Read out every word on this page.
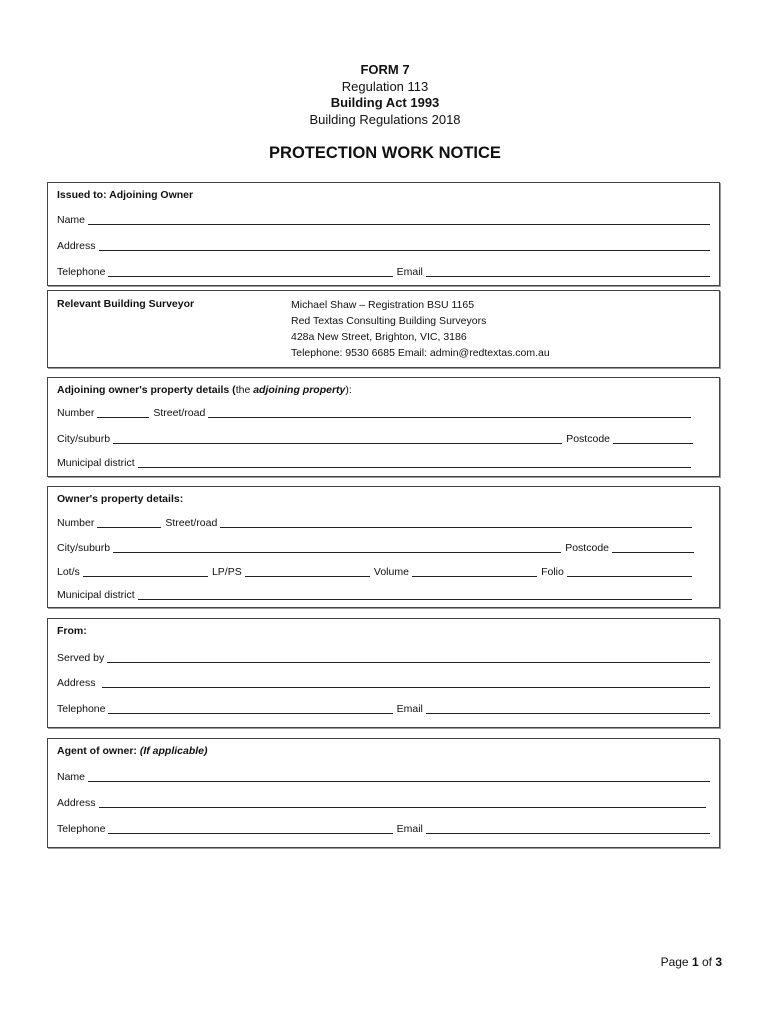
FORM 7
Regulation 113
Building Act 1993
Building Regulations 2018
PROTECTION WORK NOTICE
Issued to: Adjoining Owner
Name
Address
Telephone	Email
Relevant Building Surveyor	Michael Shaw – Registration BSU 1165
Red Textas Consulting Building Surveyors
428a New Street, Brighton, VIC, 3186
Telephone: 9530 6685 Email: admin@redtextas.com.au
Adjoining owner's property details (the adjoining property):
Number	Street/road
City/suburb	Postcode
Municipal district
Owner's property details:
Number	Street/road
City/suburb	Postcode
Lot/s	LP/PS	Volume	Folio
Municipal district
From:
Served by
Address
Telephone	Email
Agent of owner: (If applicable)
Name
Address
Telephone	Email
Page 1 of 3
